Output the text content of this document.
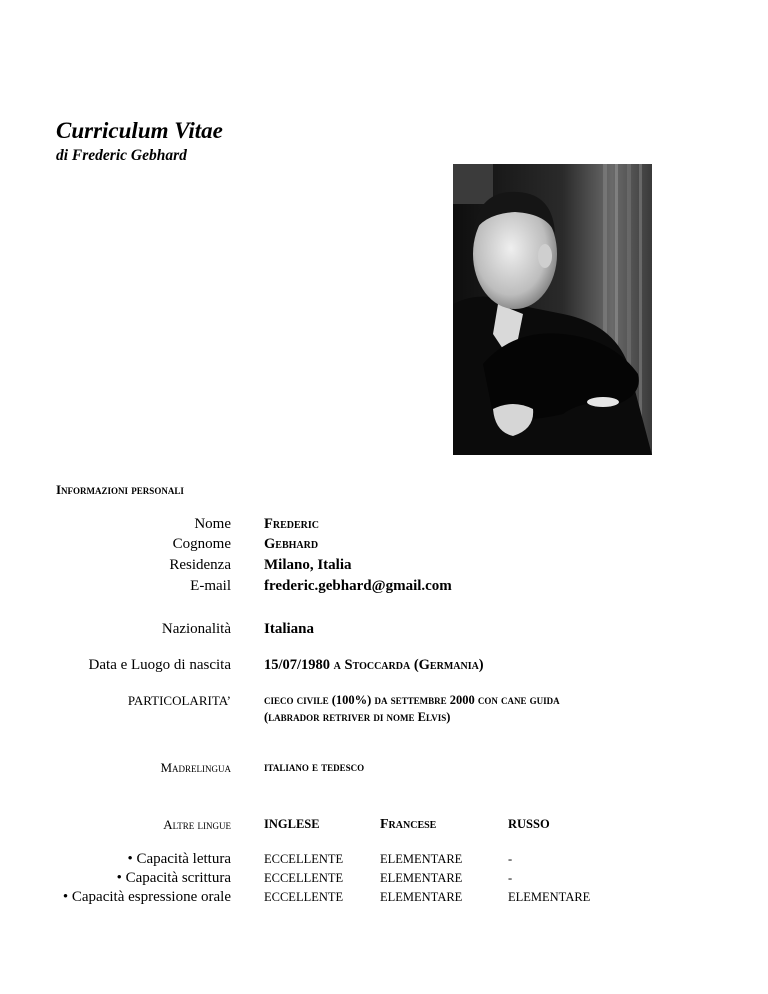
Curriculum Vitae
di Frederic Gebhard
Informazioni personali
Nome Frederic
Cognome Gebhard
Residenza Milano, Italia
E-mail frederic.gebhard@gmail.com
Nazionalità Italiana
Data e Luogo di nascita 15/07/1980 a Stoccarda (Germania)
PARTICOLARITA’	cieco civile (100%) da settembre 2000 con cane guida
(labrador retriver di nome Elvis)
Madrelingua	italiano e tedesco
Altre lingue	INGLESE	Francese	RUSSO
• Capacità lettura	ECCELLENTE	ELEMENTARE	-
• Capacità scrittura	ECCELLENTE	ELEMENTARE	-
• Capacità espressione orale	ECCELLENTE	ELEMENTARE	ELEMENTARE
